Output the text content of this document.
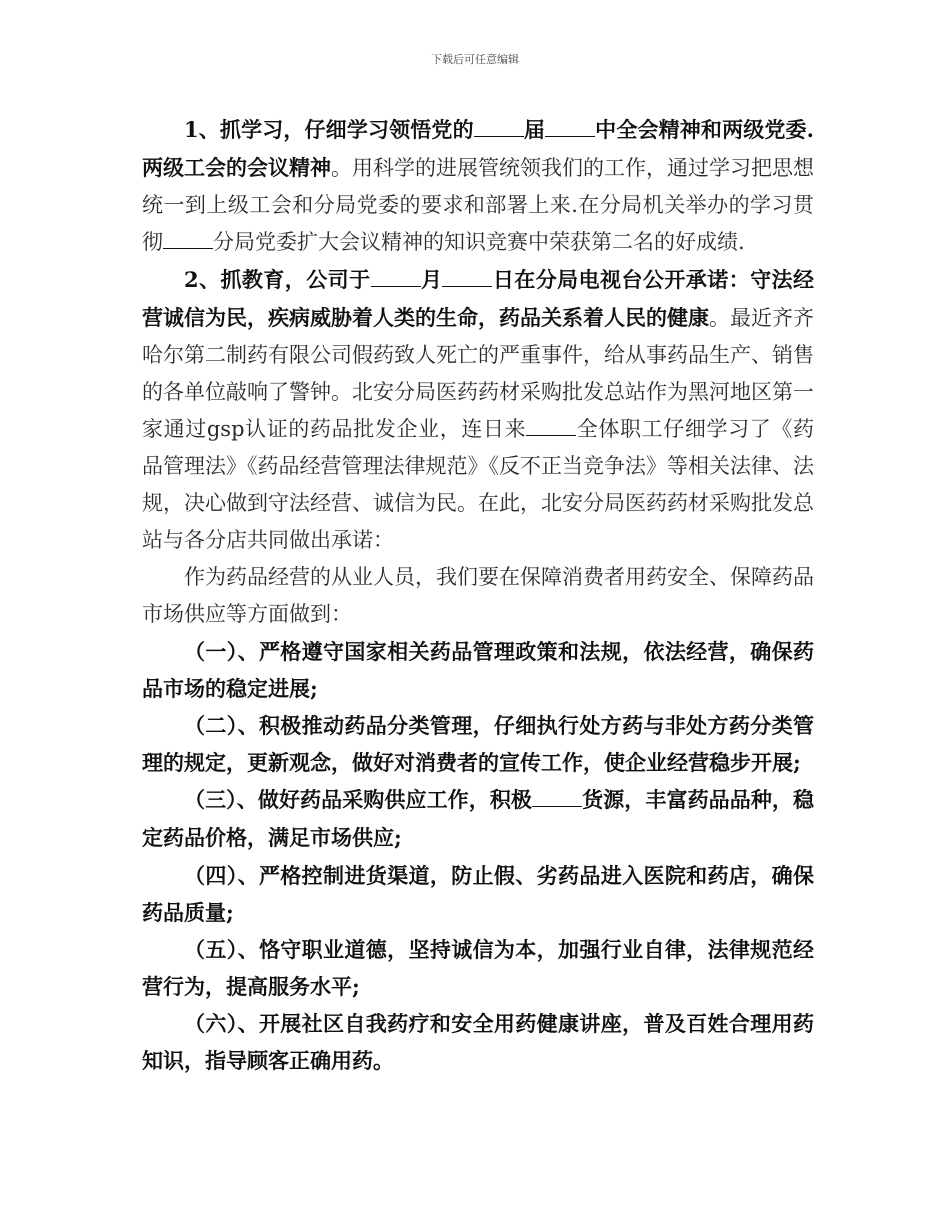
下载后可任意编辑

1、抓学习，仔细学习领悟党的 届 中全会精神和两级党委.两级工会的会议精神。用科学的进展管统领我们的工作，通过学习把思想统一到上级工会和分局党委的要求和部署上来.在分局机关举办的学习贯彻 分局党委扩大会议精神的知识竞赛中荣获第二名的好成绩.

2、抓教育，公司于 月 日在分局电视台公开承诺：守法经营诚信为民，疾病威胁着人类的生命，药品关系着人民的健康。最近齐齐哈尔第二制药有限公司假药致人死亡的严重事件，给从事药品生产、销售的各单位敲响了警钟。北安分局医药药材采购批发总站作为黑河地区第一家通过gsp认证的药品批发企业，连日来 全体职工仔细学习了《药品管理法》《药品经营管理法律规范》《反不正当竞争法》等相关法律、法规，决心做到守法经营、诚信为民。在此，北安分局医药药材采购批发总站与各分店共同做出承诺：

作为药品经营的从业人员，我们要在保障消费者用药安全、保障药品市场供应等方面做到：

（一）、严格遵守国家相关药品管理政策和法规，依法经营，确保药品市场的稳定进展;

（二）、积极推动药品分类管理，仔细执行处方药与非处方药分类管理的规定，更新观念，做好对消费者的宣传工作，使企业经营稳步开展;

（三）、做好药品采购供应工作，积极 货源，丰富药品品种，稳定药品价格，满足市场供应;

（四）、严格控制进货渠道，防止假、劣药品进入医院和药店，确保药品质量;

（五）、恪守职业道德，坚持诚信为本，加强行业自律，法律规范经营行为，提高服务水平;

（六）、开展社区自我药疗和安全用药健康讲座，普及百姓合理用药知识，指导顾客正确用药。
